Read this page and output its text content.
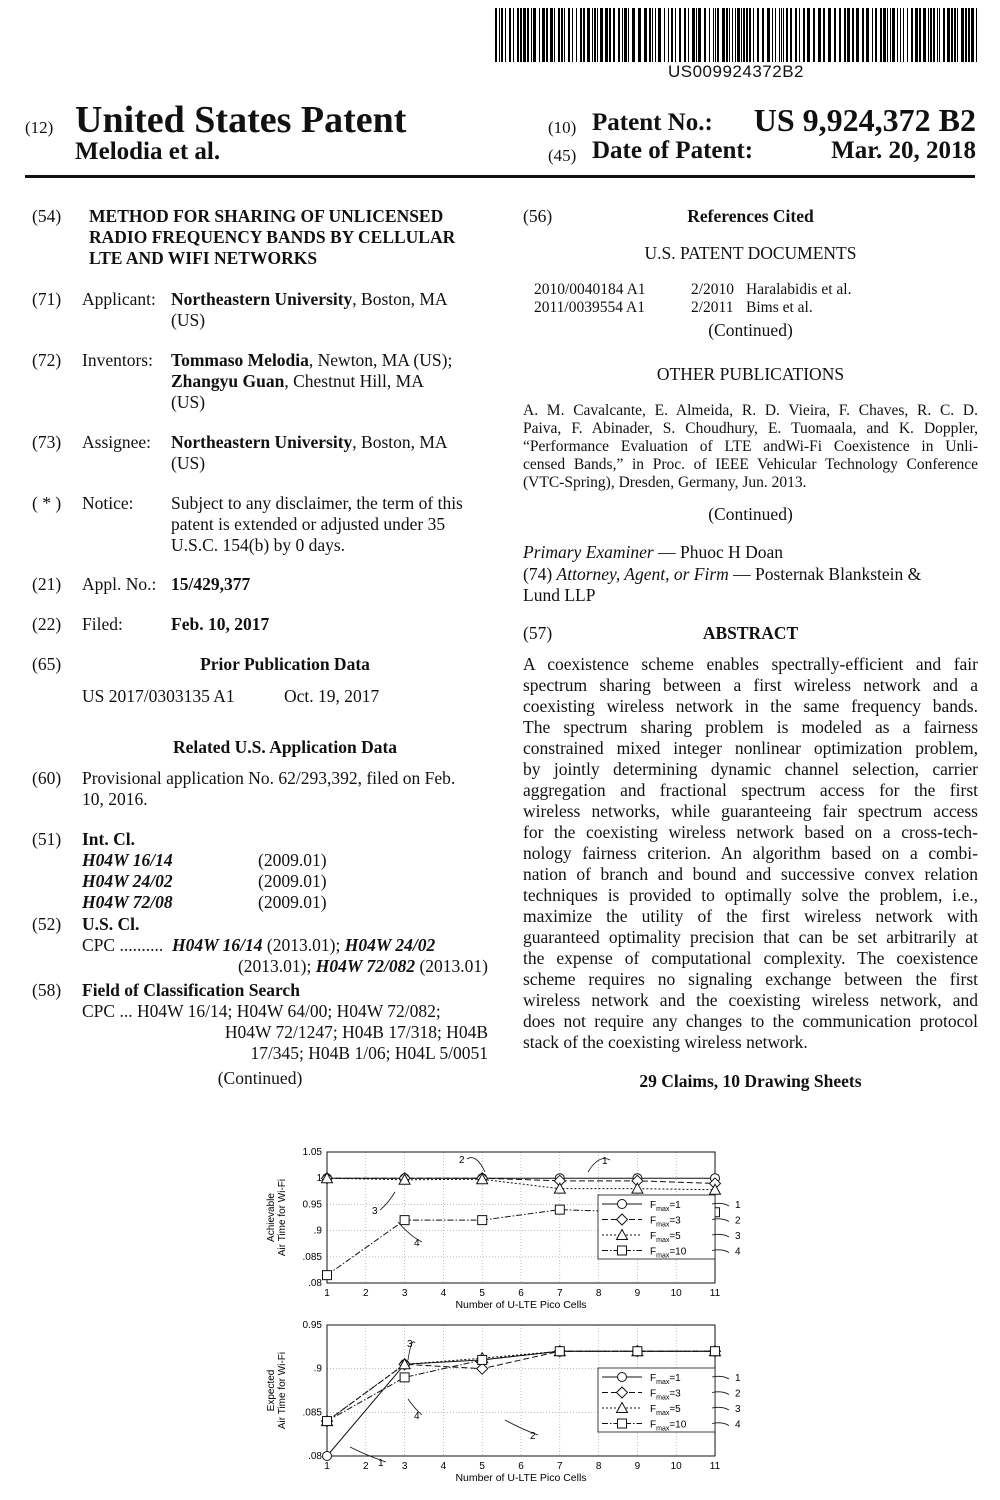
US009924372B2
(12) United States Patent
Melodia et al.
(10) Patent No.: US 9,924,372 B2
(45) Date of Patent:	Mar. 20, 2018
(54) METHOD FOR SHARING OF UNLICENSED
RADIO FREQUENCY BANDS BY CELLULAR
LTE AND WIFI NETWORKS
(71) Applicant: Northeastern University, Boston, MA
(US)
(72) Inventors: Tommaso Melodia, Newton, MA (US);
Zhangyu Guan, Chestnut Hill, MA
(US)
(73) Assignee: Northeastern University, Boston, MA
(US)
( * ) Notice: Subject to any disclaimer, the term of this
patent is extended or adjusted under 35
U.S.C. 154(b) by 0 days.
(21) Appl. No.: 15/429,377
(22) Filed:	Feb. 10, 2017
(65)	Prior Publication Data
US 2017/0303135 A1	Oct. 19, 2017
Related U.S. Application Data
(60) Provisional application No. 62/293,392, filed on Feb.
10, 2016.
(51) Int. Cl.
H04W 16/14	(2009.01)
H04W 24/02	(2009.01)
H04W 72/08	(2009.01)
(52) U.S. Cl.
CPC .......... H04W 16/14 (2013.01); H04W 24/02
(2013.01); H04W 72/082 (2013.01)
(58) Field of Classification Search
CPC ... H04W 16/14; H04W 64/00; H04W 72/082;
H04W 72/1247; H04B 17/318; H04B
17/345; H04B 1/06; H04L 5/0051
(Continued)
(56)	References Cited
U.S. PATENT DOCUMENTS
2010/0040184 A1	2/2010 Haralabidis et al.
2011/0039554 A1	2/2011 Bims et al.
(Continued)
OTHER PUBLICATIONS
A. M. Cavalcante, E. Almeida, R. D. Vieira, F. Chaves, R. C. D.
Paiva, F. Abinader, S. Choudhury, E. Tuomaala, and K. Doppler,
“Performance Evaluation of LTE andWi-Fi Coexistence in Unli-
censed Bands,” in Proc. of IEEE Vehicular Technology Conference
(VTC-Spring), Dresden, Germany, Jun. 2013.
(Continued)
Primary Examiner — Phuoc H Doan
(74) Attorney, Agent, or Firm — Posternak Blankstein &
Lund LLP
(57)	ABSTRACT
A coexistence scheme enables spectrally-efficient and fair
spectrum sharing between a first wireless network and a
coexisting wireless network in the same frequency bands.
The spectrum sharing problem is modeled as a fairness
constrained mixed integer nonlinear optimization problem,
by jointly determining dynamic channel selection, carrier
aggregation and fractional spectrum access for the first
wireless networks, while guaranteeing fair spectrum access
for the coexisting wireless network based on a cross-tech-
nology fairness criterion. An algorithm based on a combi-
nation of branch and bound and successive convex relation
techniques is provided to optimally solve the problem, i.e.,
maximize the utility of the first wireless network with
guaranteed optimality precision that can be set arbitrarily at
the expense of computational complexity. The coexistence
scheme requires no signaling exchange between the first
wireless network and the coexisting wireless network, and
does not require any changes to the communication protocol
stack of the coexisting wireless network.
29 Claims, 10 Drawing Sheets
1	2	3	4	5	6	7	8	9	10	11
.08
.085
.9
0.95
1
1.05
Number of U-LTE Pico Cells
AchievableAir Time for Wi-Fi	$F_{max}=1$	1
$F_{max}=3$	2
$F_{max}=5$	3
$F_{max}=10$	4
1	2	3	4	5	6	7	8	9	10	11
.08
.085
.9
0.95
Number of U-LTE Pico Cells
ExpectedAir Time for Wi-Fi	$F_{max}=1$	1
$F_{max}=3$	2
$F_{max}=5$	3
$F_{max}=10$	4
2	1
3
4
3
4
2
1
